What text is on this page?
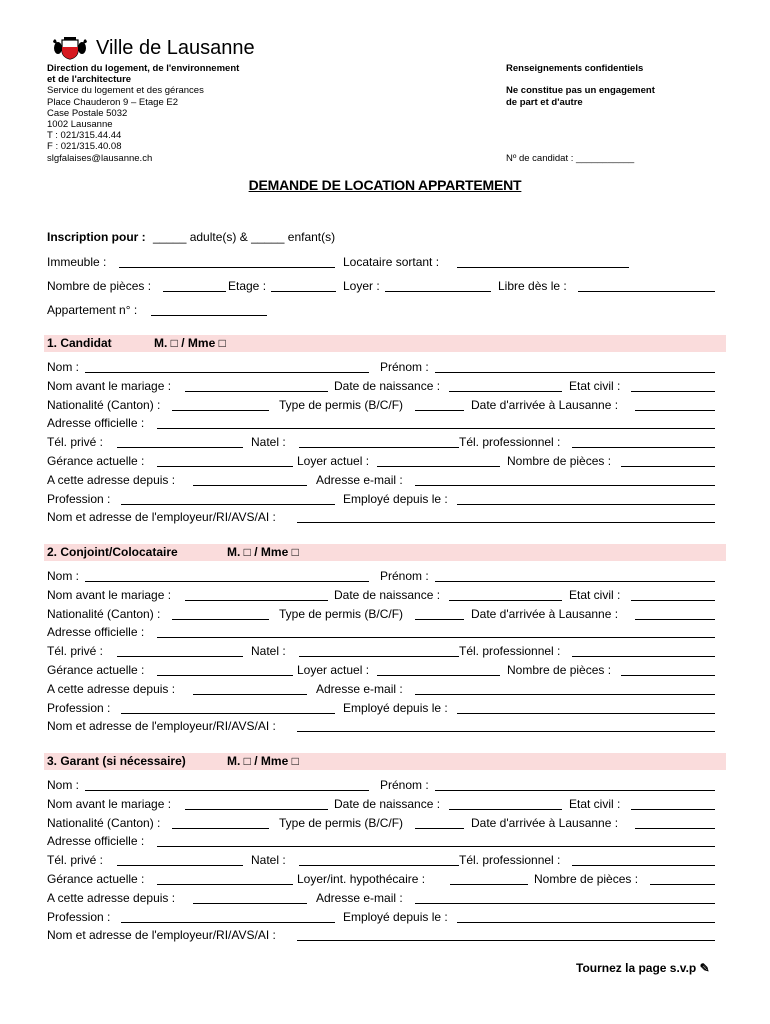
Ville de Lausanne
Direction du logement, de l'environnement
et de l'architecture
Service du logement et des gérances
Place Chauderon 9 – Etage E2
Case Postale 5032
1002 Lausanne
T : 021/315.44.44
F : 021/315.40.08
slgfalaises@lausanne.ch
Renseignements confidentiels
Ne constitue pas un engagement
de part et d'autre
Nº de candidat : ___________
DEMANDE DE LOCATION APPARTEMENT
Inscription pour : _____ adulte(s) & _____ enfant(s)
Immeuble :	Locataire sortant :
Nombre de pièces :	Etage :	Loyer :	Libre dès le :
Appartement n° :
1. Candidat	M. □ / Mme □
Nom :	Prénom :
Nom avant le mariage :	Date de naissance :	Etat civil :
Nationalité (Canton) :	Type de permis (B/C/F)	Date d'arrivée à Lausanne :
Adresse officielle :
Tél. privé :	Natel :	Tél. professionnel :
Gérance actuelle :	Loyer actuel :	Nombre de pièces :
A cette adresse depuis :	Adresse e-mail :
Profession :	Employé depuis le :
Nom et adresse de l'employeur/RI/AVS/AI :
2. Conjoint/Colocataire	M. □ / Mme □
Nom :	Prénom :
Nom avant le mariage :	Date de naissance :	Etat civil :
Nationalité (Canton) :	Type de permis (B/C/F)	Date d'arrivée à Lausanne :
Adresse officielle :
Tél. privé :	Natel :	Tél. professionnel :
Gérance actuelle :	Loyer actuel :	Nombre de pièces :
A cette adresse depuis :	Adresse e-mail :
Profession :	Employé depuis le :
Nom et adresse de l'employeur/RI/AVS/AI :
3. Garant (si nécessaire)	M. □ / Mme □
Nom :	Prénom :
Nom avant le mariage :	Date de naissance :	Etat civil :
Nationalité (Canton) :	Type de permis (B/C/F)	Date d'arrivée à Lausanne :
Adresse officielle :
Tél. privé :	Natel :	Tél. professionnel :
Gérance actuelle :	Loyer/int. hypothécaire :	Nombre de pièces :
A cette adresse depuis :	Adresse e-mail :
Profession :	Employé depuis le :
Nom et adresse de l'employeur/RI/AVS/AI :
Tournez la page s.v.p ✎
